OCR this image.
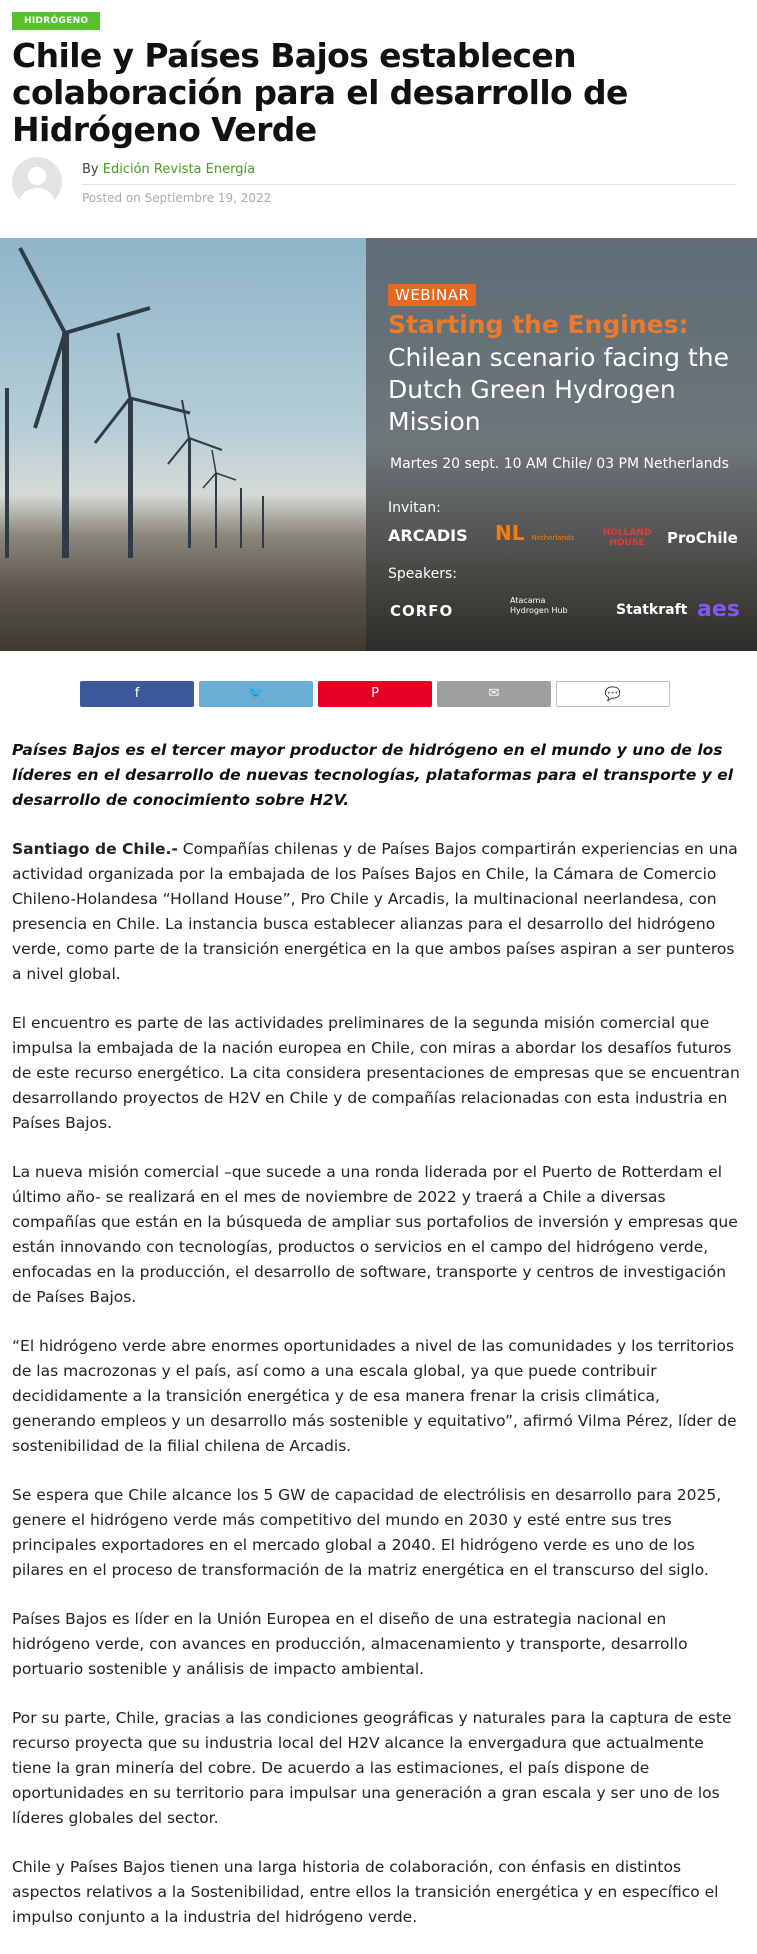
HIDRÓGENO
Chile y Países Bajos establecen colaboración para el desarrollo de Hidrógeno Verde
By Edición Revista Energía
Posted on Septiembre 19, 2022
WEBINAR
Starting the Engines:
Chilean scenario facing the Dutch Green Hydrogen Mission
Martes 20 sept. 10 AM Chile/ 03 PM Netherlands
Invitan:
ARCADIS NL Netherlands	HOLLAND HOUSE	ProChile
Speakers:
CORFO
Atacama Hydrogen Hub	Statkraft aes
f	🐦	P	✉	💬

Países Bajos es el tercer mayor productor de hidrógeno en el mundo y uno de los líderes en el desarrollo de nuevas tecnologías, plataformas para el transporte y el desarrollo de conocimiento sobre H2V.

Santiago de Chile.- Compañías chilenas y de Países Bajos compartirán experiencias en una actividad organizada por la embajada de los Países Bajos en Chile, la Cámara de Comercio Chileno-Holandesa “Holland House”, Pro Chile y Arcadis, la multinacional neerlandesa, con presencia en Chile. La instancia busca establecer alianzas para el desarrollo del hidrógeno verde, como parte de la transición energética en la que ambos países aspiran a ser punteros a nivel global.

El encuentro es parte de las actividades preliminares de la segunda misión comercial que impulsa la embajada de la nación europea en Chile, con miras a abordar los desafíos futuros de este recurso energético. La cita considera presentaciones de empresas que se encuentran desarrollando proyectos de H2V en Chile y de compañías relacionadas con esta industria en Países Bajos.

La nueva misión comercial –que sucede a una ronda liderada por el Puerto de Rotterdam el último año- se realizará en el mes de noviembre de 2022 y traerá a Chile a diversas compañías que están en la búsqueda de ampliar sus portafolios de inversión y empresas que están innovando con tecnologías, productos o servicios en el campo del hidrógeno verde, enfocadas en la producción, el desarrollo de software, transporte y centros de investigación de Países Bajos.

“El hidrógeno verde abre enormes oportunidades a nivel de las comunidades y los territorios de las macrozonas y el país, así como a una escala global, ya que puede contribuir decididamente a la transición energética y de esa manera frenar la crisis climática, generando empleos y un desarrollo más sostenible y equitativo”, afirmó Vilma Pérez, líder de sostenibilidad de la filial chilena de Arcadis.

Se espera que Chile alcance los 5 GW de capacidad de electrólisis en desarrollo para 2025, genere el hidrógeno verde más competitivo del mundo en 2030 y esté entre sus tres principales exportadores en el mercado global a 2040. El hidrógeno verde es uno de los pilares en el proceso de transformación de la matriz energética en el transcurso del siglo.

Países Bajos es líder en la Unión Europea en el diseño de una estrategia nacional en hidrógeno verde, con avances en producción, almacenamiento y transporte, desarrollo portuario sostenible y análisis de impacto ambiental.

Por su parte, Chile, gracias a las condiciones geográficas y naturales para la captura de este recurso proyecta que su industria local del H2V alcance la envergadura que actualmente tiene la gran minería del cobre. De acuerdo a las estimaciones, el país dispone de oportunidades en su territorio para impulsar una generación a gran escala y ser uno de los líderes globales del sector.

Chile y Países Bajos tienen una larga historia de colaboración, con énfasis en distintos aspectos relativos a la Sostenibilidad, entre ellos la transición energética y en específico el impulso conjunto a la industria del hidrógeno verde.
